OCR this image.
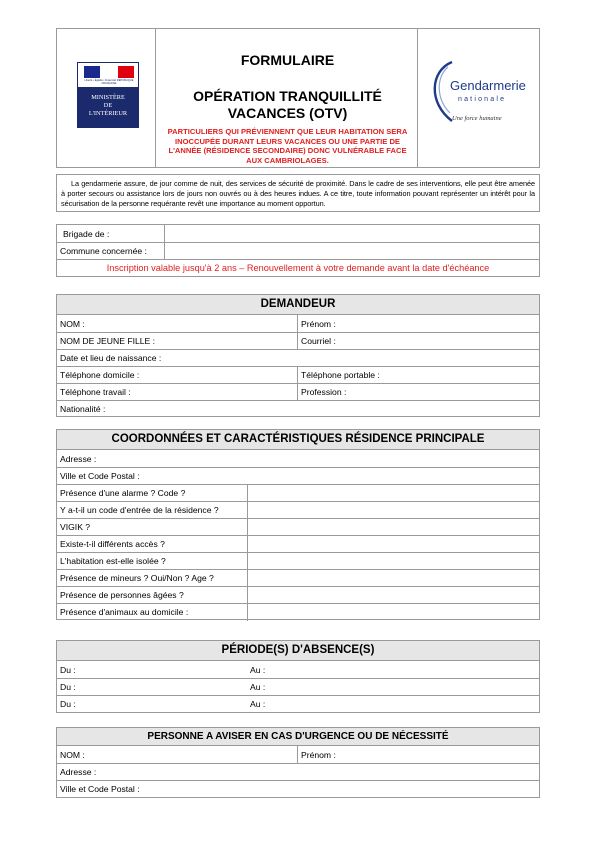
Liberté • Égalité • Fraternité RÉPUBLIQUE FRANÇAISE
MINISTÈRE
DE
L'INTÉRIEUR
FORMULAIRE
OPÉRATION TRANQUILLITÉ
VACANCES (OTV)
PARTICULIERS QUI PRÉVIENNENT QUE LEUR HABITATION SERA
INOCCUPÉE DURANT LEURS VACANCES OU UNE PARTIE DE
L'ANNÉE (RÉSIDENCE SECONDAIRE) DONC VULNÉRABLE FACE
AUX CAMBRIOLAGES.
Gendarmerie
nationale
Une force humaine
La gendarmerie assure, de jour comme de nuit, des services de sécurité de proximité. Dans le cadre de ses interventions, elle peut être amenée à porter secours ou assistance lors de jours non ouvrés ou à des heures indues. A ce titre, toute information pouvant représenter un intérêt pour la sécurisation de la personne requérante revêt une importance au moment opportun.
Brigade de :
Commune concernée :
Inscription valable jusqu'à 2 ans – Renouvellement à votre demande avant la date d'échéance
DEMANDEUR
NOM :	Prénom :
NOM DE JEUNE FILLE :	Courriel :
Date et lieu de naissance :
Téléphone domicile :	Téléphone portable :
Téléphone travail :	Profession :
Nationalité :
COORDONNÉES ET CARACTÉRISTIQUES RÉSIDENCE PRINCIPALE
Adresse :
Ville et Code Postal :
Présence d'une alarme ? Code ?
Y a-t-il un code d'entrée de la résidence ?
VIGIK ?
Existe-t-il différents accès ?
L'habitation est-elle isolée ?
Présence de mineurs ? Oui/Non ? Age ?
Présence de personnes âgées ?
Présence d'animaux au domicile :
PÉRIODE(S) D'ABSENCE(S)
Du :	Au :
Du :	Au :
Du :	Au :
PERSONNE A AVISER EN CAS D'URGENCE OU DE NÉCESSITÉ
NOM :	Prénom :
Adresse :
Ville et Code Postal :
